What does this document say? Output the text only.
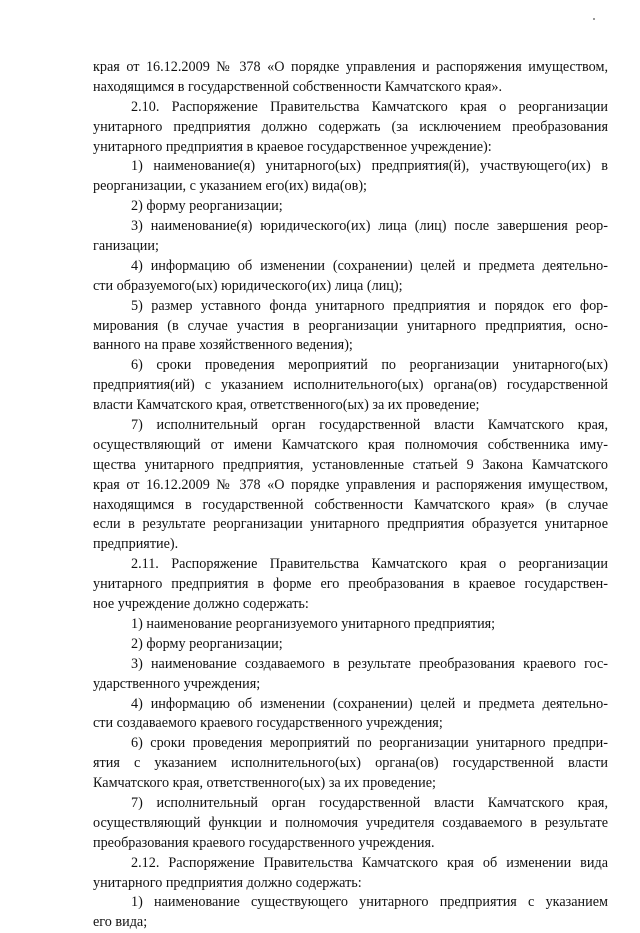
края от 16.12.2009 № 378 «О порядке управления и распоряжения имуществом,
находящимся в государственной собственности Камчатского края».
2.10. Распоряжение Правительства Камчатского края о реорганизации
унитарного предприятия должно содержать (за исключением преобразования
унитарного предприятия в краевое государственное учреждение):
1) наименование(я) унитарного(ых) предприятия(й), участвующего(их) в
реорганизации, с указанием его(их) вида(ов);
2) форму реорганизации;
3) наименование(я) юридического(их) лица (лиц) после завершения реор-
ганизации;
4) информацию об изменении (сохранении) целей и предмета деятельно-
сти образуемого(ых) юридического(их) лица (лиц);
5) размер уставного фонда унитарного предприятия и порядок его фор-
мирования (в случае участия в реорганизации унитарного предприятия, осно-
ванного на праве хозяйственного ведения);
6) сроки проведения мероприятий по реорганизации унитарного(ых)
предприятия(ий) с указанием исполнительного(ых) органа(ов) государственной
власти Камчатского края, ответственного(ых) за их проведение;
7) исполнительный орган государственной власти Камчатского края,
осуществляющий от имени Камчатского края полномочия собственника иму-
щества унитарного предприятия, установленные статьей 9 Закона Камчатского
края от 16.12.2009 № 378 «О порядке управления и распоряжения имуществом,
находящимся в государственной собственности Камчатского края» (в случае
если в результате реорганизации унитарного предприятия образуется унитарное
предприятие).
2.11. Распоряжение Правительства Камчатского края о реорганизации
унитарного предприятия в форме его преобразования в краевое государствен-
ное учреждение должно содержать:
1) наименование реорганизуемого унитарного предприятия;
2) форму реорганизации;
3) наименование создаваемого в результате преобразования краевого гос-
ударственного учреждения;
4) информацию об изменении (сохранении) целей и предмета деятельно-
сти создаваемого краевого государственного учреждения;
6) сроки проведения мероприятий по реорганизации унитарного предпри-
ятия с указанием исполнительного(ых) органа(ов) государственной власти
Камчатского края, ответственного(ых) за их проведение;
7) исполнительный орган государственной власти Камчатского края,
осуществляющий функции и полномочия учредителя создаваемого в результате
преобразования краевого государственного учреждения.
2.12. Распоряжение Правительства Камчатского края об изменении вида
унитарного предприятия должно содержать:
1) наименование существующего унитарного предприятия с указанием
его вида;
